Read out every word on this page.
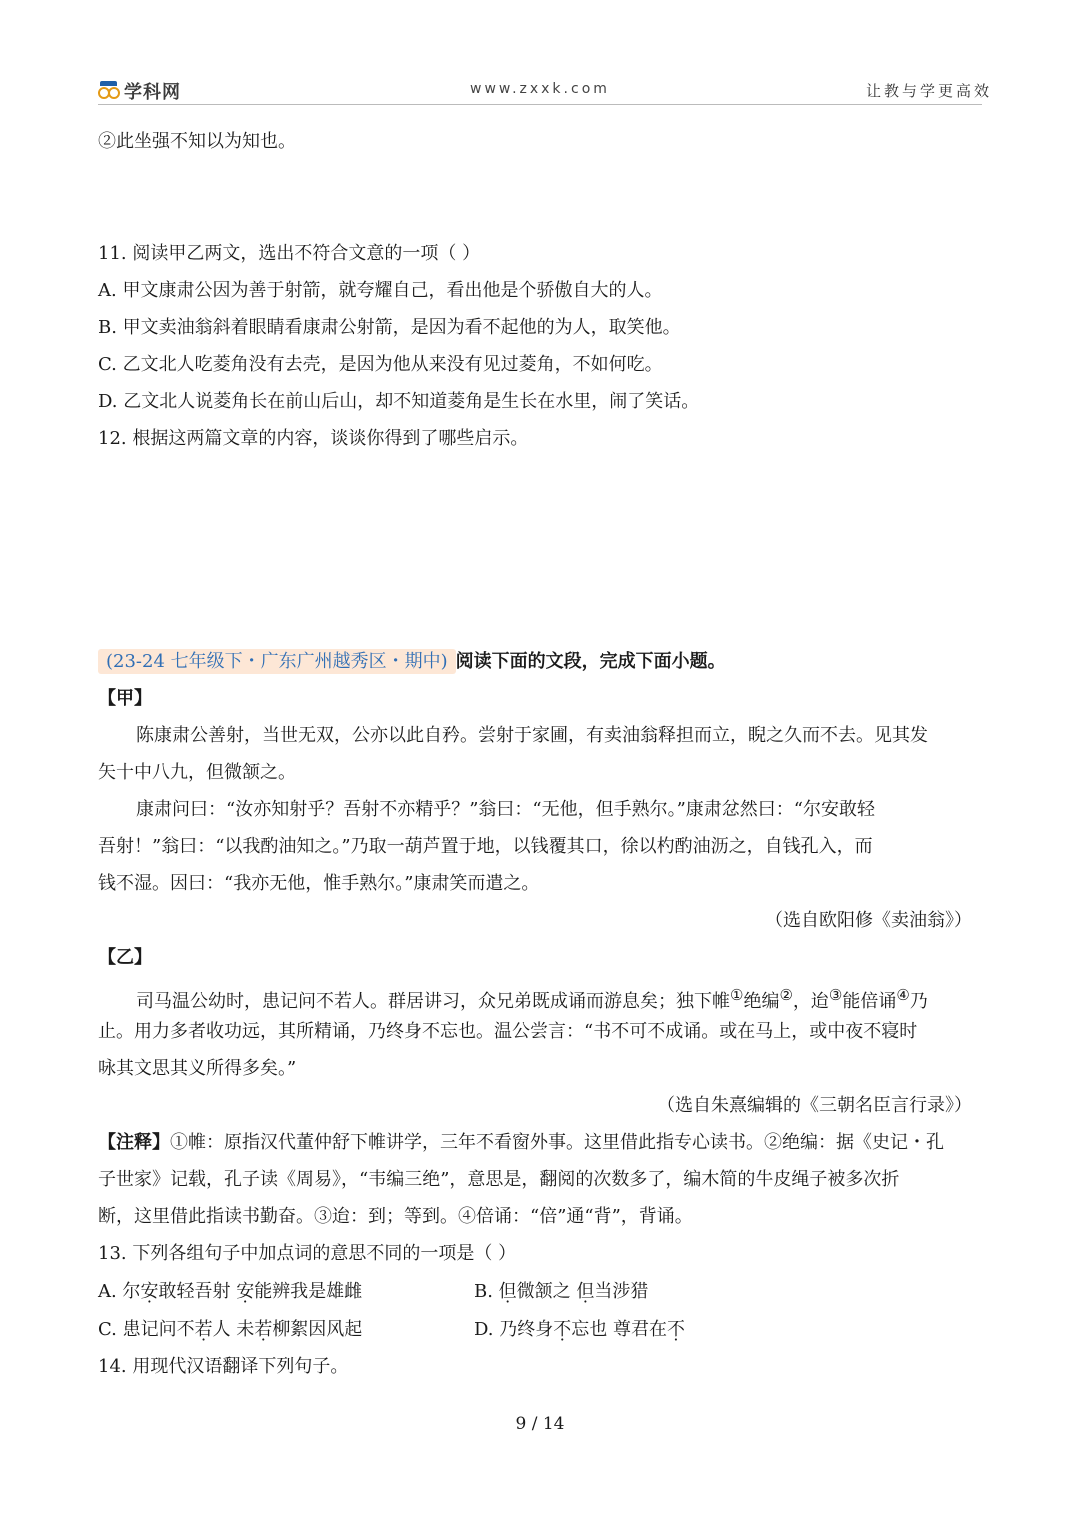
学科网	www.zxxk.com	让教与学更高效
②此坐强不知以为知也。
11. 阅读甲乙两文，选出不符合文意的一项（ ）
A. 甲文康肃公因为善于射箭，就夸耀自己，看出他是个骄傲自大的人。
B. 甲文卖油翁斜着眼睛看康肃公射箭，是因为看不起他的为人，取笑他。
C. 乙文北人吃菱角没有去壳，是因为他从来没有见过菱角，不如何吃。
D. 乙文北人说菱角长在前山后山，却不知道菱角是生长在水里，闹了笑话。
12. 根据这两篇文章的内容，谈谈你得到了哪些启示。
(23-24 七年级下・广东广州越秀区・期中) 阅读下面的文段，完成下面小题。
【甲】
陈康肃公善射，当世无双，公亦以此自矜。尝射于家圃，有卖油翁释担而立，睨之久而不去。见其发
矢十中八九，但微颔之。
康肃问曰：“汝亦知射乎？吾射不亦精乎？”翁曰：“无他，但手熟尔。”康肃忿然曰：“尔安敢轻
吾射！”翁曰：“以我酌油知之。”乃取一葫芦置于地，以钱覆其口，徐以杓酌油沥之，自钱孔入，而
钱不湿。因曰：“我亦无他，惟手熟尔。”康肃笑而遣之。
（选自欧阳修《卖油翁》）
【乙】
司马温公幼时，患记问不若人。群居讲习，众兄弟既成诵而游息矣；独下帷①绝编②，迨③能倍诵④乃
止。用力多者收功远，其所精诵，乃终身不忘也。温公尝言：“书不可不成诵。或在马上，或中夜不寝时
咏其文思其义所得多矣。”
（选自朱熹编辑的《三朝名臣言行录》）
【注释】①帷：原指汉代董仲舒下帷讲学，三年不看窗外事。这里借此指专心读书。②绝编：据《史记・孔
子世家》记载，孔子读《周易》，“韦编三绝”，意思是，翻阅的次数多了，编木简的牛皮绳子被多次折
断，这里借此指读书勤奋。③迨：到；等到。④倍诵：“倍”通“背”，背诵。
13. 下列各组句子中加点词的意思不同的一项是（ ）
A. 尔安敢轻吾射 安能辨我是雄雌	B. 但微颔之 但当涉猎
C. 患记问不若人 未若柳絮因风起	D. 乃终身不忘也 尊君在不
14. 用现代汉语翻译下列句子。
9 / 14
